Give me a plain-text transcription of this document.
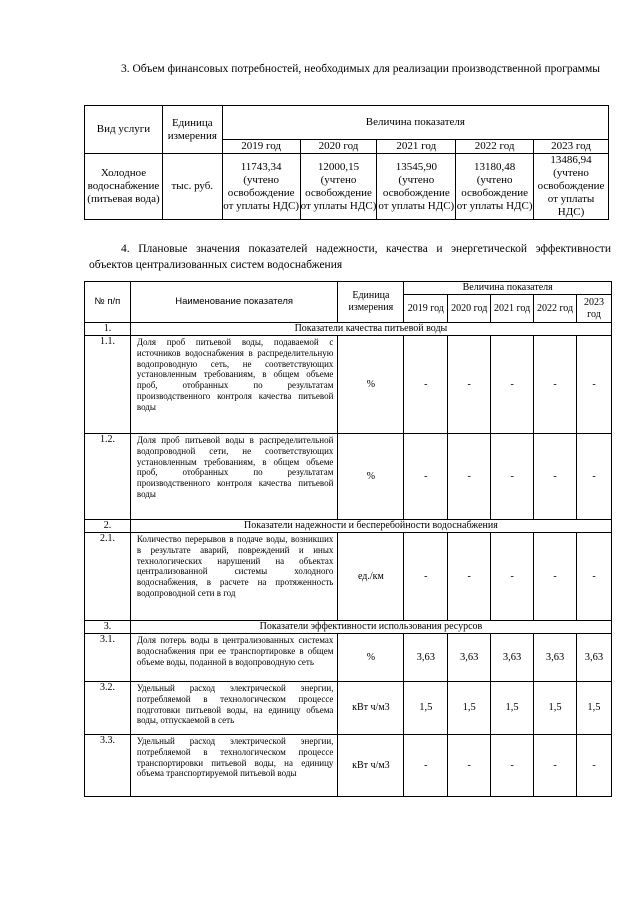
3. Объем финансовых потребностей, необходимых для реализации производственной программы
Вид услуги	Единица измерения	Величина показателя				
		2019 год	2020 год	2021 год	2022 год	2023 год
Холодное водоснабжение (питьевая вода)	тыс. руб.	11743,34 (учтено освобождение от уплаты НДС)	12000,15 (учтено освобождение от уплаты НДС)	13545,90 (учтено освобождение от уплаты НДС)	13180,48 (учтено освобождение от уплаты НДС)	13486,94 (учтено освобождение от уплаты НДС)
4. Плановые значения показателей надежности, качества и энергетической эффективности объектов централизованных систем водоснабжения
№ п/п	Наименование показателя	Единица измерения	Величина показателя				
			2019 год	2020 год	2021 год	2022 год	2023 год
1.	Показатели качества питьевой воды						
1.1.	Доля проб питьевой воды, подаваемой с источников водоснабжения в распределительную водопроводную сеть, не соответствующих установленным требованиям, в общем объеме проб, отобранных по результатам производственного контроля качества питьевой воды	%	-	-	-	-	-
1.2.	Доля проб питьевой воды в распределительной водопроводной сети, не соответствующих установленным требованиям, в общем объеме проб, отобранных по результатам производственного контроля качества питьевой воды	%	-	-	-	-	-
2.	Показатели надежности и бесперебойности водоснабжения						
2.1.	Количество перерывов в подаче воды, возникших в результате аварий, повреждений и иных технологических нарушений на объектах централизованной системы холодного водоснабжения, в расчете на протяженность водопроводной сети в год	ед./км	-	-	-	-	-
3.	Показатели эффективности использования ресурсов						
3.1.	Доля потерь воды в централизованных системах водоснабжения при ее транспортировке в общем объеме воды, поданной в водопроводную сеть	%	3,63	3,63	3,63	3,63	3,63
3.2.	Удельный расход электрической энергии, потребляемой в технологическом процессе подготовки питьевой воды, на единицу объема воды, отпускаемой в сеть	кВт ч/м3	1,5	1,5	1,5	1,5	1,5
3.3.	Удельный расход электрической энергии, потребляемой в технологическом процессе транспортировки питьевой воды, на единицу объема транспортируемой питьевой воды	кВт ч/м3	-	-	-	-	-
